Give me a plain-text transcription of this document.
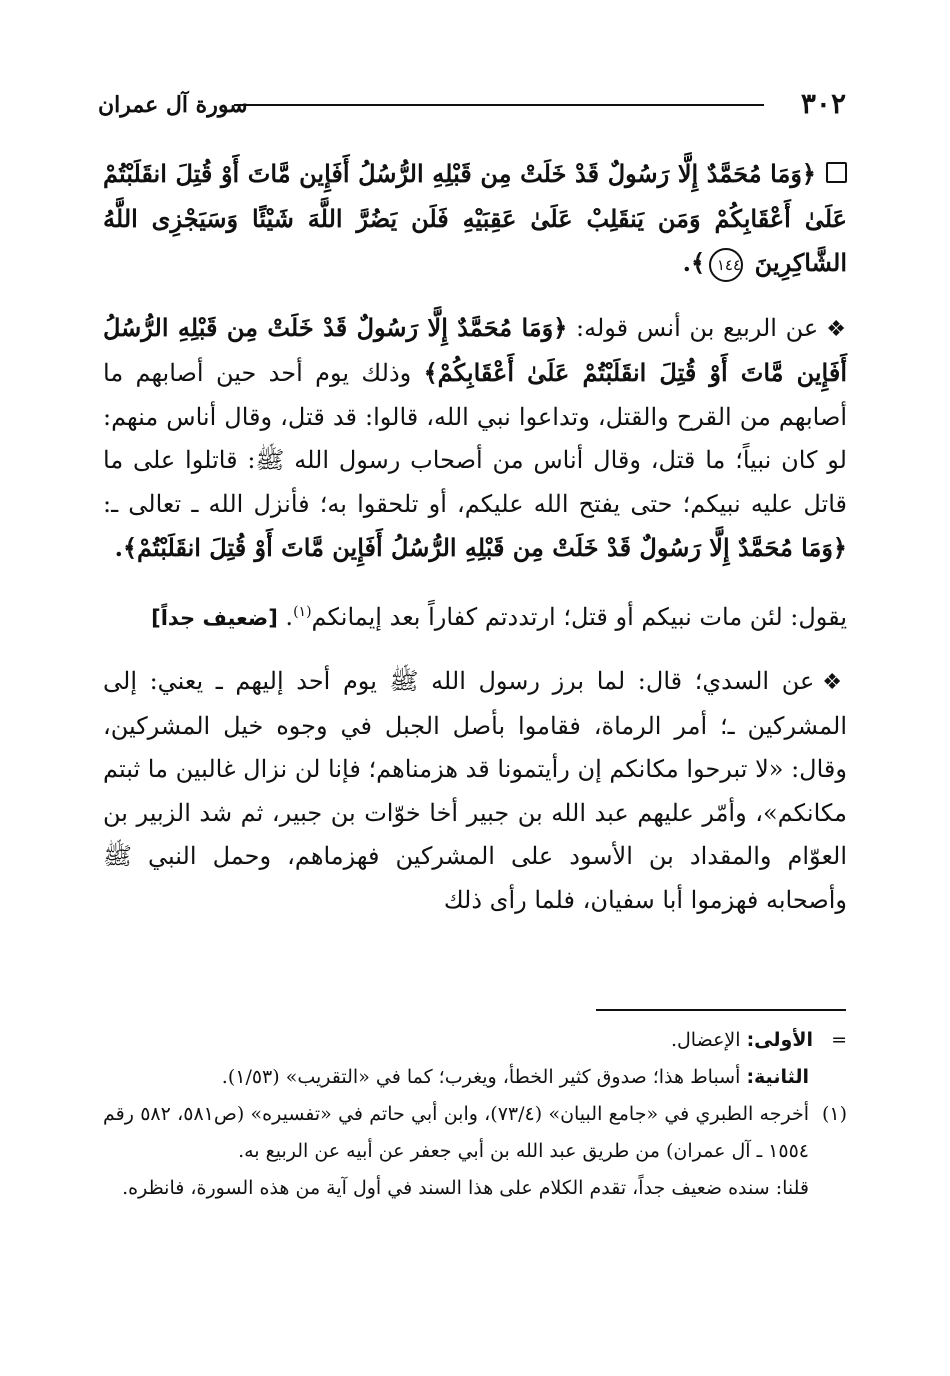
٣٠٢
سورة آل عمران

﴿وَمَا مُحَمَّدٌ إِلَّا رَسُولٌ قَدْ خَلَتْ مِن قَبْلِهِ الرُّسُلُ أَفَإِين مَّاتَ أَوْ قُتِلَ انقَلَبْتُمْ عَلَىٰ أَعْقَابِكُمْ وَمَن يَنقَلِبْ عَلَىٰ عَقِبَيْهِ فَلَن يَضُرَّ اللَّهَ شَيْئًا وَسَيَجْزِى اللَّهُ الشَّاكِرِينَ ١٤٤﴾.

❖عن الربيع بن أنس قوله: ﴿وَمَا مُحَمَّدٌ إِلَّا رَسُولٌ قَدْ خَلَتْ مِن قَبْلِهِ الرُّسُلُ أَفَإِين مَّاتَ أَوْ قُتِلَ انقَلَبْتُمْ عَلَىٰ أَعْقَابِكُمْ﴾ وذلك يوم أحد حين أصابهم ما أصابهم من القرح والقتل، وتداعوا نبي الله، قالوا: قد قتل، وقال أناس منهم: لو كان نبياً؛ ما قتل، وقال أناس من أصحاب رسول الله ﷺ: قاتلوا على ما قاتل عليه نبيكم؛ حتى يفتح الله عليكم، أو تلحقوا به؛ فأنزل الله ـ تعالى ـ: ﴿وَمَا مُحَمَّدٌ إِلَّا رَسُولٌ قَدْ خَلَتْ مِن قَبْلِهِ الرُّسُلُ أَفَإِين مَّاتَ أَوْ قُتِلَ انقَلَبْتُمْ﴾.

يقول: لئن مات نبيكم أو قتل؛ ارتددتم كفاراً بعد إيمانكم$^{(١)}$. [ضعيف جداً]

❖عن السدي؛ قال: لما برز رسول الله ﷺ يوم أحد إليهم ـ يعني: إلى المشركين ـ؛ أمر الرماة، فقاموا بأصل الجبل في وجوه خيل المشركين، وقال: «لا تبرحوا مكانكم إن رأيتمونا قد هزمناهم؛ فإنا لن نزال غالبين ما ثبتم مكانكم»، وأمّر عليهم عبد الله بن جبير أخا خوّات بن جبير، ثم شد الزبير بن العوّام والمقداد بن الأسود على المشركين فهزماهم، وحمل النبي ﷺ وأصحابه فهزموا أبا سفيان، فلما رأى ذلك

=الأولى: الإعضال.

الثانية: أسباط هذا؛ صدوق كثير الخطأ، ويغرب؛ كما في «التقريب» (١/٥٣).

(١)
أخرجه الطبري في «جامع البيان» (٧٣/٤)، وابن أبي حاتم في «تفسيره» (ص٥٨١، ٥٨٢ رقم ١٥٥٤ ـ آل عمران) من طريق عبد الله بن أبي جعفر عن أبيه عن الربيع به.
قلنا: سنده ضعيف جداً، تقدم الكلام على هذا السند في أول آية من هذه السورة، فانظره.
